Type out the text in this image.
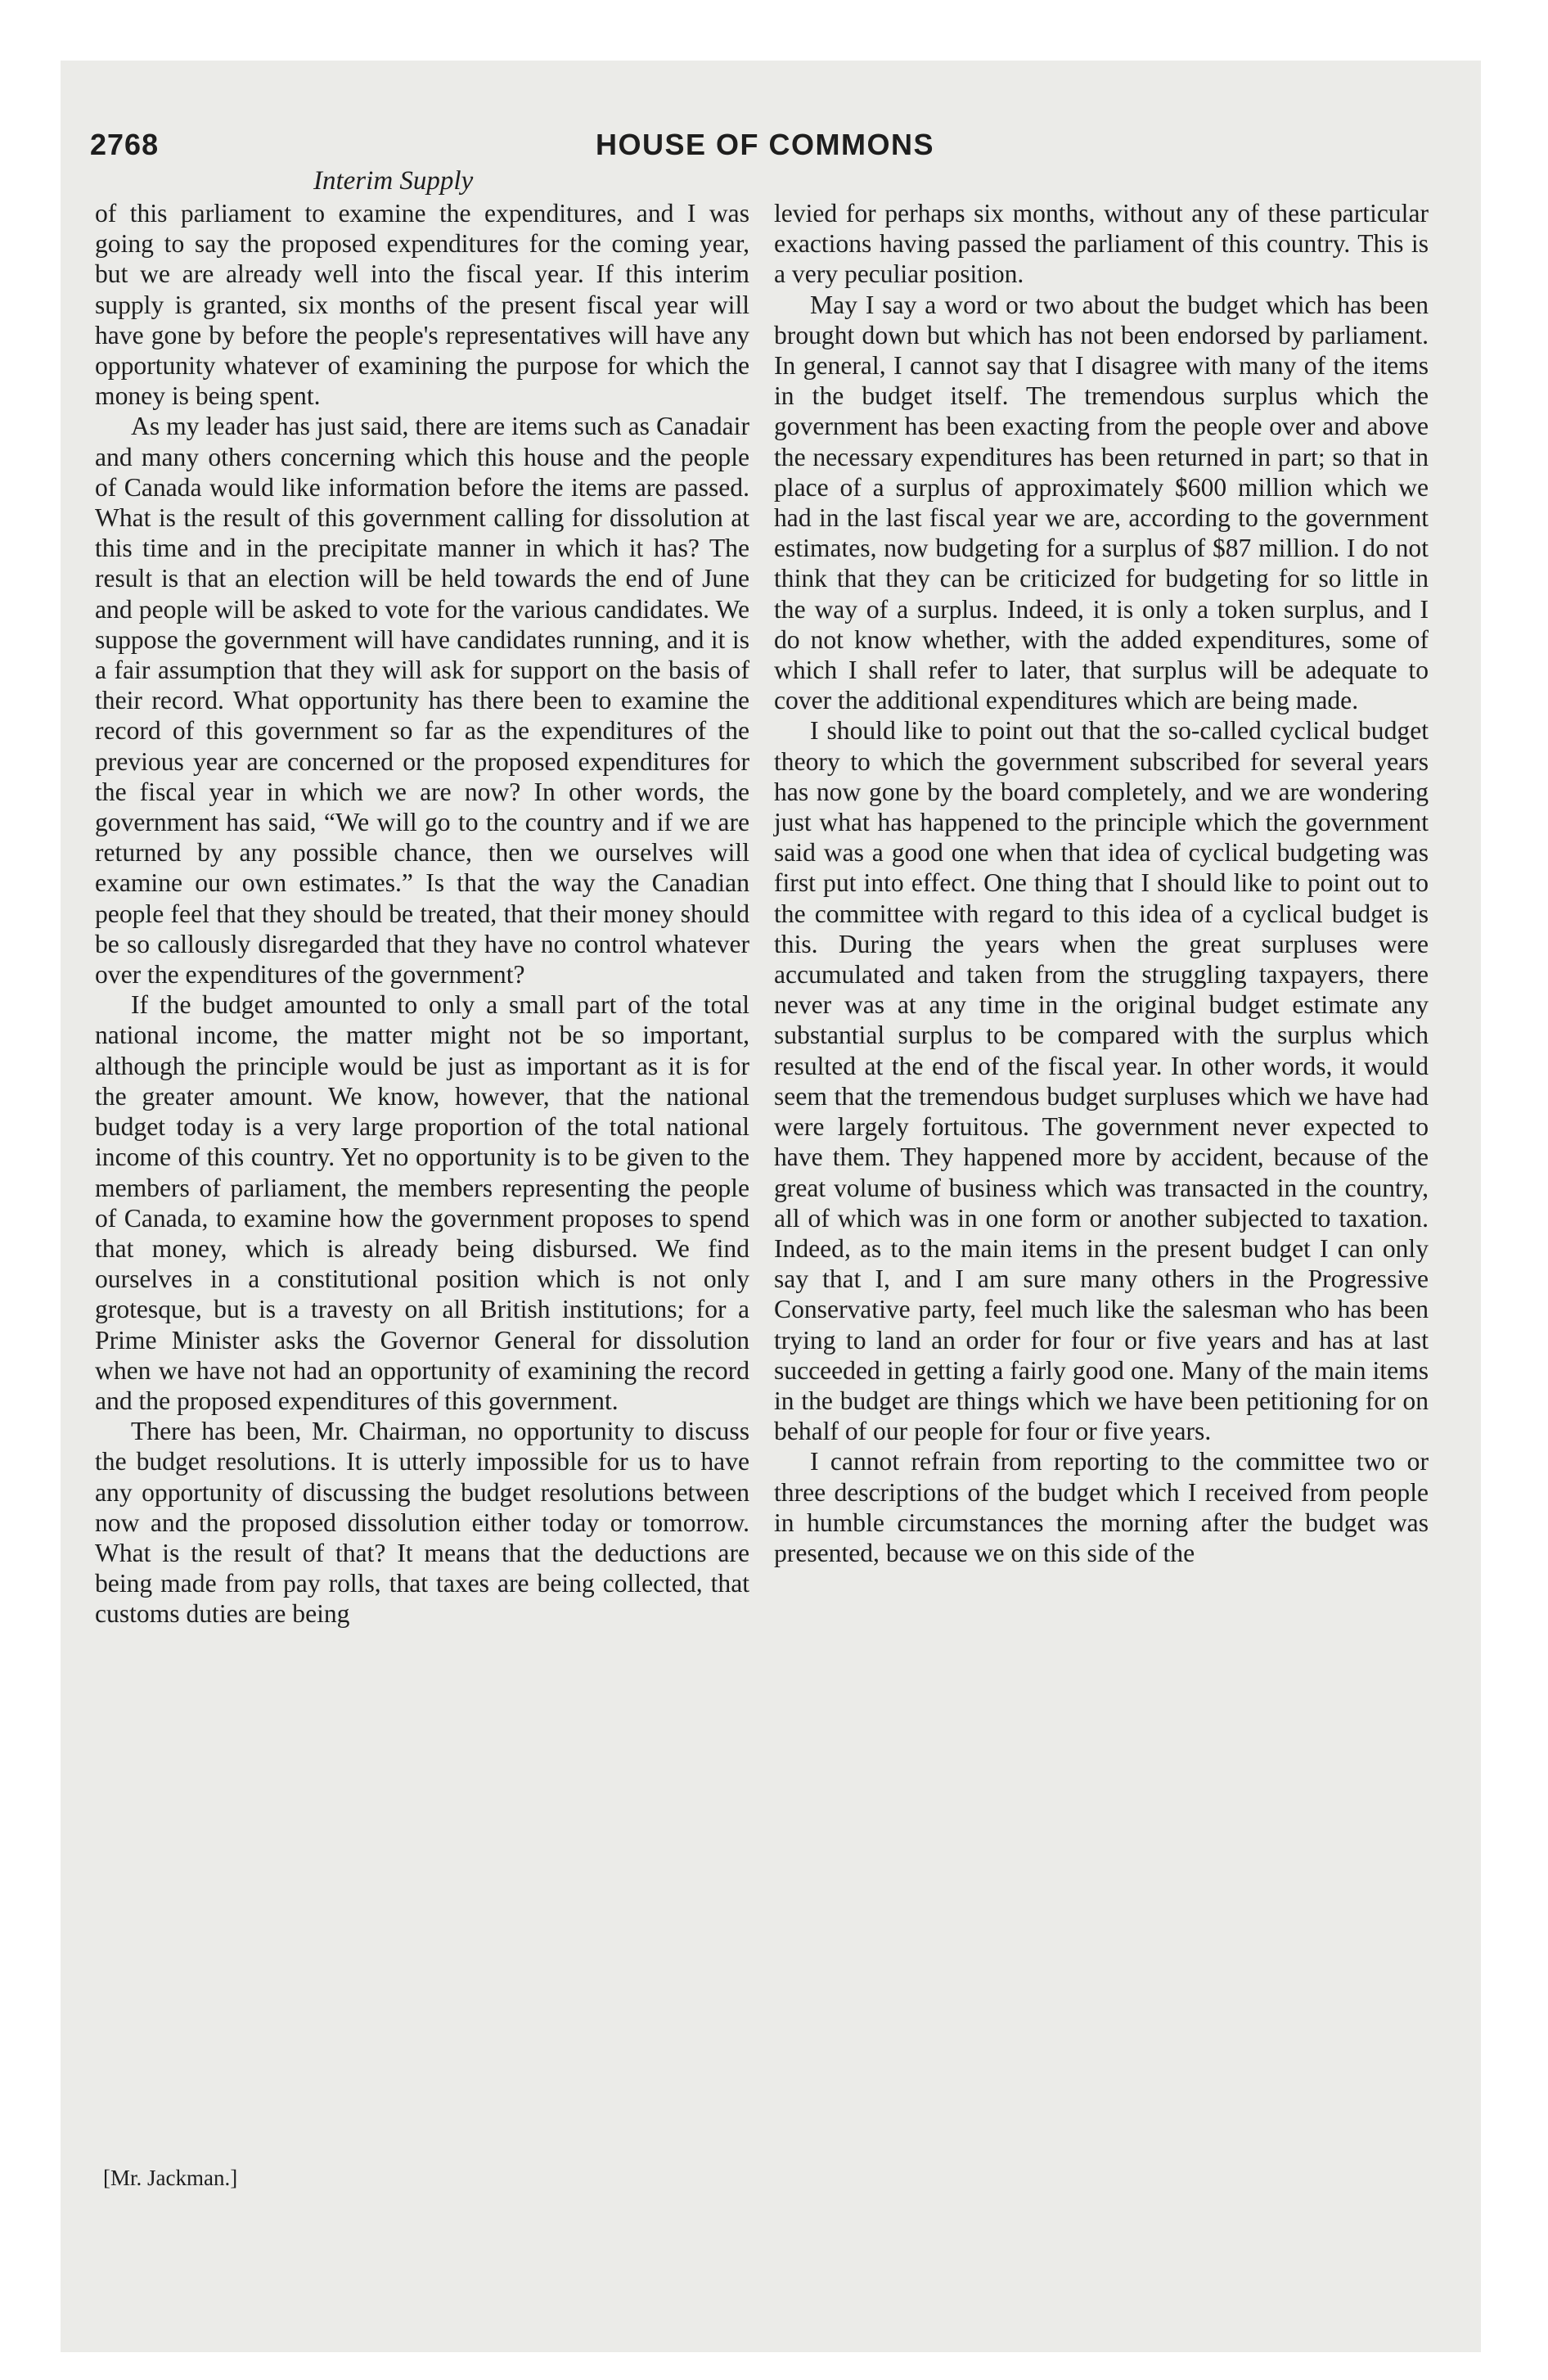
2768	HOUSE OF COMMONS
Interim Supply

of this parliament to examine the expenditures, and I was going to say the proposed expenditures for the coming year, but we are already well into the fiscal year. If this interim supply is granted, six months of the present fiscal year will have gone by before the people's representatives will have any opportunity whatever of examining the purpose for which the money is being spent.

As my leader has just said, there are items such as Canadair and many others concerning which this house and the people of Canada would like information before the items are passed. What is the result of this government calling for dissolution at this time and in the precipitate manner in which it has? The result is that an election will be held towards the end of June and people will be asked to vote for the various candidates. We suppose the government will have candidates running, and it is a fair assumption that they will ask for support on the basis of their record. What opportunity has there been to examine the record of this government so far as the expenditures of the previous year are concerned or the proposed expenditures for the fiscal year in which we are now? In other words, the government has said, “We will go to the country and if we are returned by any possible chance, then we ourselves will examine our own estimates.” Is that the way the Canadian people feel that they should be treated, that their money should be so callously disregarded that they have no control whatever over the expenditures of the government?

If the budget amounted to only a small part of the total national income, the matter might not be so important, although the principle would be just as important as it is for the greater amount. We know, however, that the national budget today is a very large proportion of the total national income of this country. Yet no opportunity is to be given to the members of parliament, the members representing the people of Canada, to examine how the government proposes to spend that money, which is already being disbursed. We find ourselves in a constitutional position which is not only grotesque, but is a travesty on all British institutions; for a Prime Minister asks the Governor General for dissolution when we have not had an opportunity of examining the record and the proposed expenditures of this government.

There has been, Mr. Chairman, no opportunity to discuss the budget resolutions. It is utterly impossible for us to have any opportunity of discussing the budget resolutions between now and the proposed dissolution either today or tomorrow. What is the result of that? It means that the deductions are being made from pay rolls, that taxes are being collected, that customs duties are being

levied for perhaps six months, without any of these particular exactions having passed the parliament of this country. This is a very peculiar position.

May I say a word or two about the budget which has been brought down but which has not been endorsed by parliament. In general, I cannot say that I disagree with many of the items in the budget itself. The tremendous surplus which the government has been exacting from the people over and above the necessary expenditures has been returned in part; so that in place of a surplus of approximately $600 million which we had in the last fiscal year we are, according to the government estimates, now budgeting for a surplus of $87 million. I do not think that they can be criticized for budgeting for so little in the way of a surplus. Indeed, it is only a token surplus, and I do not know whether, with the added expenditures, some of which I shall refer to later, that surplus will be adequate to cover the additional expenditures which are being made.

I should like to point out that the so-called cyclical budget theory to which the government subscribed for several years has now gone by the board completely, and we are wondering just what has happened to the principle which the government said was a good one when that idea of cyclical budgeting was first put into effect. One thing that I should like to point out to the committee with regard to this idea of a cyclical budget is this. During the years when the great surpluses were accumulated and taken from the struggling taxpayers, there never was at any time in the original budget estimate any substantial surplus to be compared with the surplus which resulted at the end of the fiscal year. In other words, it would seem that the tremendous budget surpluses which we have had were largely fortuitous. The government never expected to have them. They happened more by accident, because of the great volume of business which was transacted in the country, all of which was in one form or another subjected to taxation. Indeed, as to the main items in the present budget I can only say that I, and I am sure many others in the Progressive Conservative party, feel much like the salesman who has been trying to land an order for four or five years and has at last succeeded in getting a fairly good one. Many of the main items in the budget are things which we have been petitioning for on behalf of our people for four or five years.

I cannot refrain from reporting to the committee two or three descriptions of the budget which I received from people in humble circumstances the morning after the budget was presented, because we on this side of the

[Mr. Jackman.]
